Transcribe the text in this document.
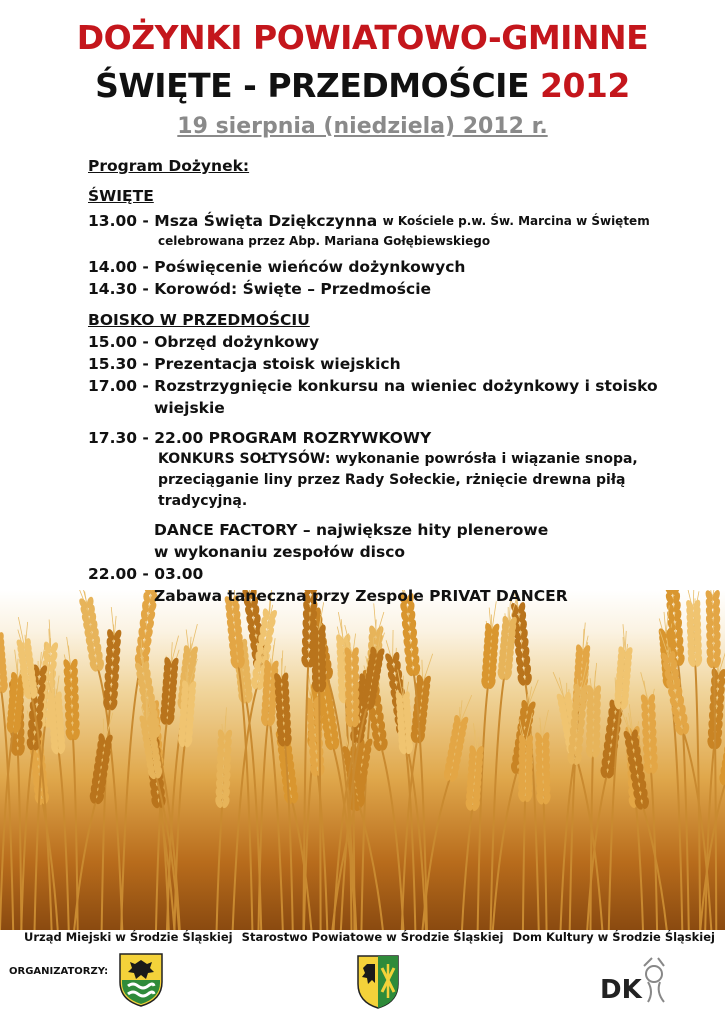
DOŻYNKI POWIATOWO-GMINNE
ŚWIĘTE - PRZEDMOŚCIE 2012
19 sierpnia (niedziela) 2012 r.
Program Dożynek:
ŚWIĘTE
13.00 -
Msza Święta Dziękczynna
w Kościele p.w. Św. Marcina w Świętem
celebrowana przez Abp. Mariana Gołębiewskiego
14.00 - Poświęcenie wieńców dożynkowych
14.30 - Korowód: Święte – Przedmoście
BOISKO W PRZEDMOŚCIU
15.00 - Obrzęd dożynkowy
15.30 - Prezentacja stoisk wiejskich
17.00 -
Rozstrzygnięcie konkursu na wieniec dożynkowy i stoisko
wiejskie
17.30 - 22.00 PROGRAM ROZRYWKOWY
KONKURS SOŁTYSÓW: wykonanie powrósła i wiązanie snopa,
przeciąganie liny przez Rady Sołeckie, rżnięcie drewna piłą
tradycyjną.
DANCE FACTORY – największe hity plenerowe
w wykonaniu zespołów disco
22.00 - 03.00
Zabawa taneczna przy Zespole PRIVAT DANCER
Urząd Miejski w Środzie Śląskiej Starostwo Powiatowe w Środzie Śląskiej Dom Kultury w Środzie Śląskiej
ORGANIZATORZY:
DK
